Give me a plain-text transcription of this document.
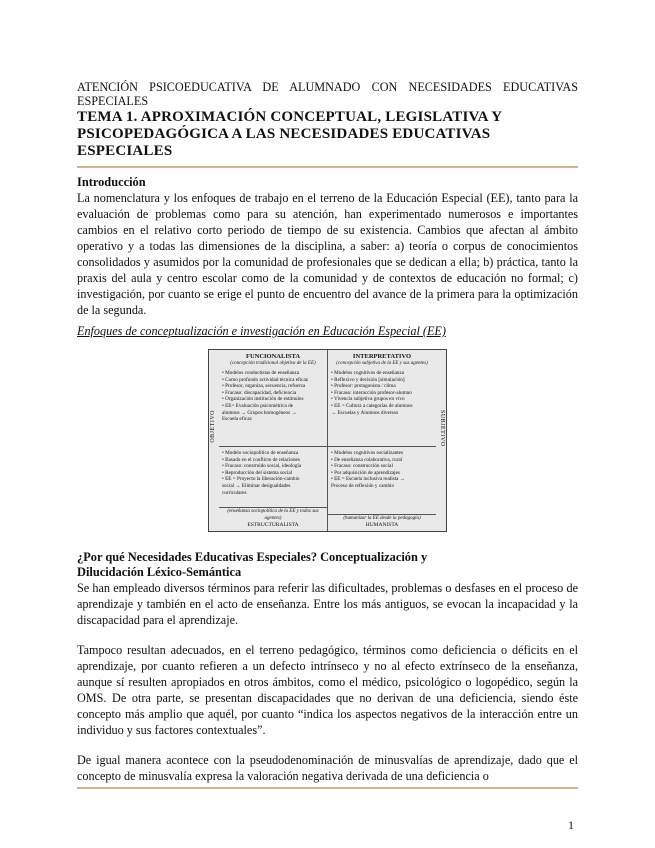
ATENCIÓN PSICOEDUCATIVA DE ALUMNADO CON NECESIDADES EDUCATIVAS
ESPECIALES
TEMA 1. APROXIMACIÓN CONCEPTUAL, LEGISLATIVA Y
PSICOPEDAGÓGICA A LAS NECESIDADES EDUCATIVAS
ESPECIALES
Introducción

La nomenclatura y los enfoques de trabajo en el terreno de la Educación Especial (EE), tanto para la evaluación de problemas como para su atención, han experimentado numerosos e importantes cambios en el relativo corto periodo de tiempo de su existencia. Cambios que afectan al ámbito operativo y a todas las dimensiones de la disciplina, a saber: a) teoría o corpus de conocimientos consolidados y asumidos por la comunidad de profesionales que se dedican a ella; b) práctica, tanto la praxis del aula y centro escolar como de la comunidad y de contextos de educación no formal; c) investigación, por cuanto se erige el punto de encuentro del avance de la primera para la optimización de la segunda.

Enfoques de conceptualización e investigación en Educación Especial (EE)
OBJETIVO	SUBJETIVO
FUNCIONALISTA
(concepción tradicional objetiva de la EE)
• Modelos conductistas de enseñanza
• Como profundo actividad técnica eficaz
• Profesor, organiza, secuencia, refuerza
• Fracaso: discapacidad, deficiencia
• Organización institución de estímulos
• EE= Evaluación psicométrica de
alumnos → Grupos homogéneos →
Escuela eficaz
• Modelo sociopolítico de enseñanza
• Basado en el conflicto de relaciones
• Fracaso: construido social, ideología
• Reproducción del sistema social
• EE = Proyecto la liberación-cambio
social → Eliminar desigualdades
curriculares
(enseñanza sociopolítica de la EE y todos sus agentes)
ESTRUCTURALISTA
INTERPRETATIVO
(concepción subjetiva de la EE y sus agentes)
• Modelos cognitivos de enseñanza
• Reflexivo y decisión [simulación]
• Profesor: protagonista / clima
• Fracaso: interacción profesor-alumno
• Vivencia subjetiva grupos en vivo
• EE = Cultura a categorías de alumnos
→ Escuelas y Alumnos diversos
• Modelos cognitivos socializantes
• De enseñanza colaborativa, rural
• Fracaso: construcción social
• Por adquisición de aprendizajes
• EE = Escuela inclusiva realista →
Proceso de reflexión y cambio
(humanizar la EE desde la pedagogía)
HUMANISTA
¿Por qué Necesidades Educativas Especiales? Conceptualización y
Dilucidación Léxico-Semántica

Se han empleado diversos términos para referir las dificultades, problemas o desfases en el proceso de aprendizaje y también en el acto de enseñanza. Entre los más antiguos, se evocan la incapacidad y la discapacidad para el aprendizaje.

Tampoco resultan adecuados, en el terreno pedagógico, términos como deficiencia o déficits en el aprendizaje, por cuanto refieren a un defecto intrínseco y no al efecto extrínseco de la enseñanza, aunque sí resulten apropiados en otros ámbitos, como el médico, psicológico o logopédico, según la OMS. De otra parte, se presentan discapacidades que no derivan de una deficiencia, siendo éste concepto más amplio que aquél, por cuanto “indica los aspectos negativos de la interacción entre un individuo y sus factores contextuales”.

De igual manera acontece con la pseudodenominación de minusvalías de aprendizaje, dado que el concepto de minusvalía expresa la valoración negativa derivada de una deficiencia o

1
